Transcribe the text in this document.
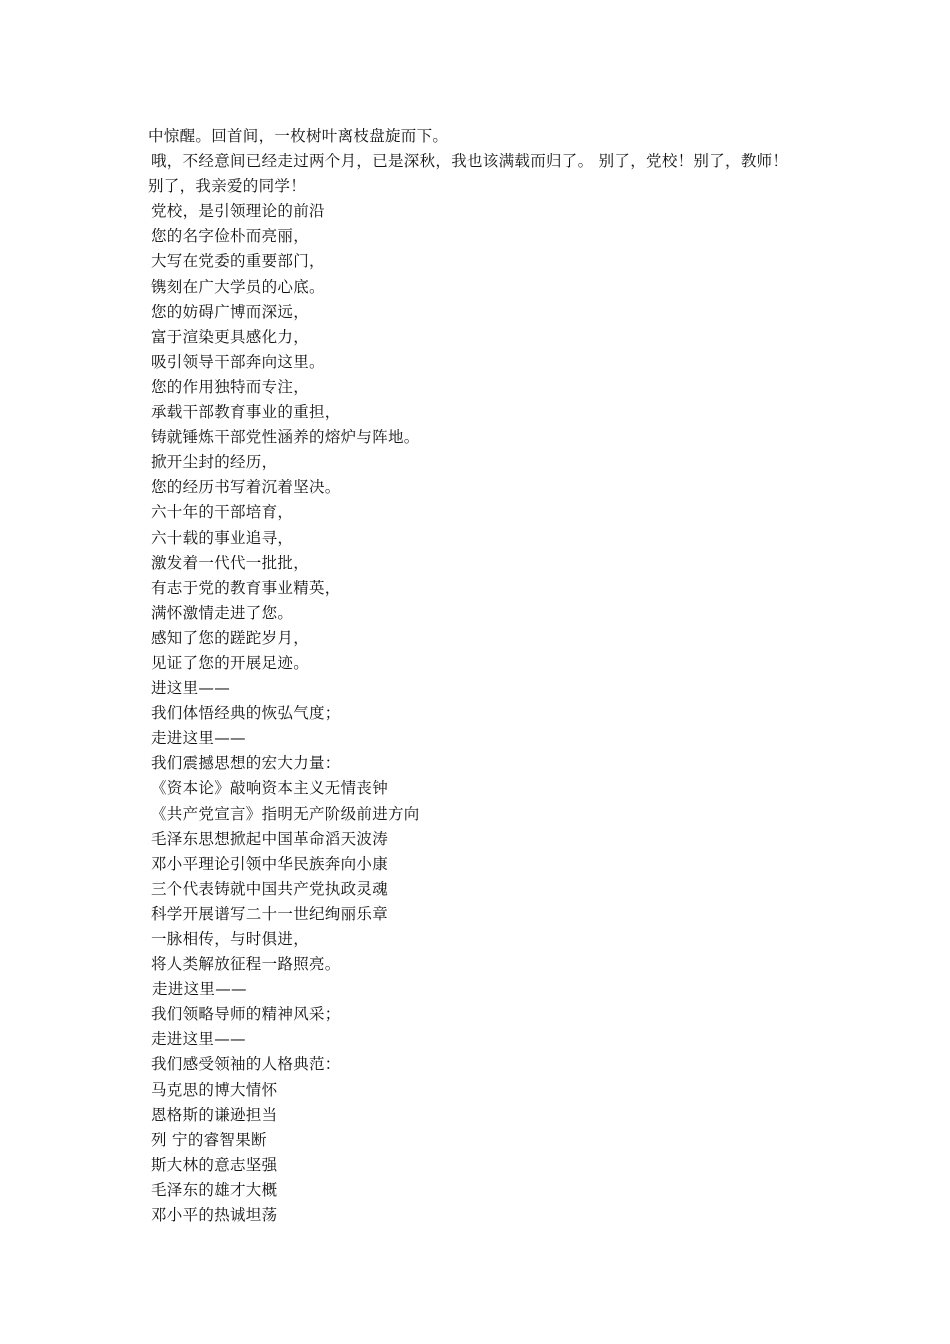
中惊醒。回首间，一枚树叶离枝盘旋而下。
哦，不经意间已经走过两个月，已是深秋，我也该满载而归了。 别了，党校！别了，教师！
别了，我亲爱的同学！
党校，是引领理论的前沿
您的名字俭朴而亮丽，
大写在党委的重要部门，
镌刻在广大学员的心底。
您的妨碍广博而深远，
富于渲染更具感化力，
吸引领导干部奔向这里。
您的作用独特而专注，
承载干部教育事业的重担，
铸就锤炼干部党性涵养的熔炉与阵地。
掀开尘封的经历，
您的经历书写着沉着坚决。
六十年的干部培育，
六十载的事业追寻，
激发着一代代一批批，
有志于党的教育事业精英，
满怀激情走进了您。
感知了您的蹉跎岁月，
见证了您的开展足迹。
进这里——
我们体悟经典的恢弘气度；
走进这里——
我们震撼思想的宏大力量：
《资本论》敲响资本主义无情丧钟
《共产党宣言》指明无产阶级前进方向
毛泽东思想掀起中国革命滔天波涛
邓小平理论引领中华民族奔向小康
三个代表铸就中国共产党执政灵魂
科学开展谱写二十一世纪绚丽乐章
一脉相传，与时俱进，
将人类解放征程一路照亮。
走进这里——
我们领略导师的精神风采；
走进这里——
我们感受领袖的人格典范：
马克思的博大情怀
恩格斯的谦逊担当
列 宁的睿智果断
斯大林的意志坚强
毛泽东的雄才大概
邓小平的热诚坦荡
